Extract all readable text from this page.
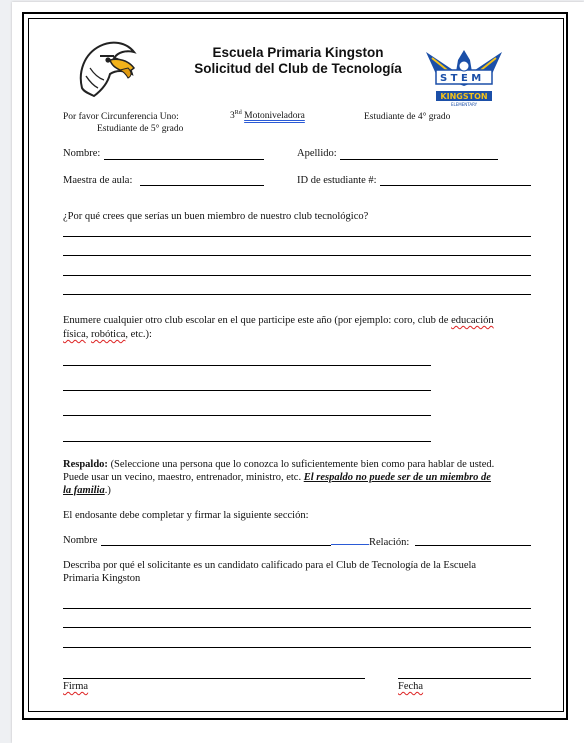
S T E M
KINGSTON
ELEMENTARY
Escuela Primaria Kingston
Solicitud del Club de Tecnología
Por favor Circunferencia Uno:	3Rd Motoniveladora	Estudiante de 4° grado
Estudiante de 5° grado
Nombre:	Apellido:
Maestra de aula:	ID de estudiante #:
¿Por qué crees que serías un buen miembro de nuestro club tecnológico?
Enumere cualquier otro club escolar en el que participe este año (por ejemplo: coro, club de educación
física, robótica, etc.):
Respaldo: (Seleccione una persona que lo conozca lo suficientemente bien como para hablar de usted.
Puede usar un vecino, maestro, entrenador, ministro, etc. El respaldo no puede ser de un miembro de
la familia.)
El endosante debe completar y firmar la siguiente sección:
Nombre	Relación:
Describa por qué el solicitante es un candidato calificado para el Club de Tecnología de la Escuela
Primaria Kingston
Firma	Fecha
